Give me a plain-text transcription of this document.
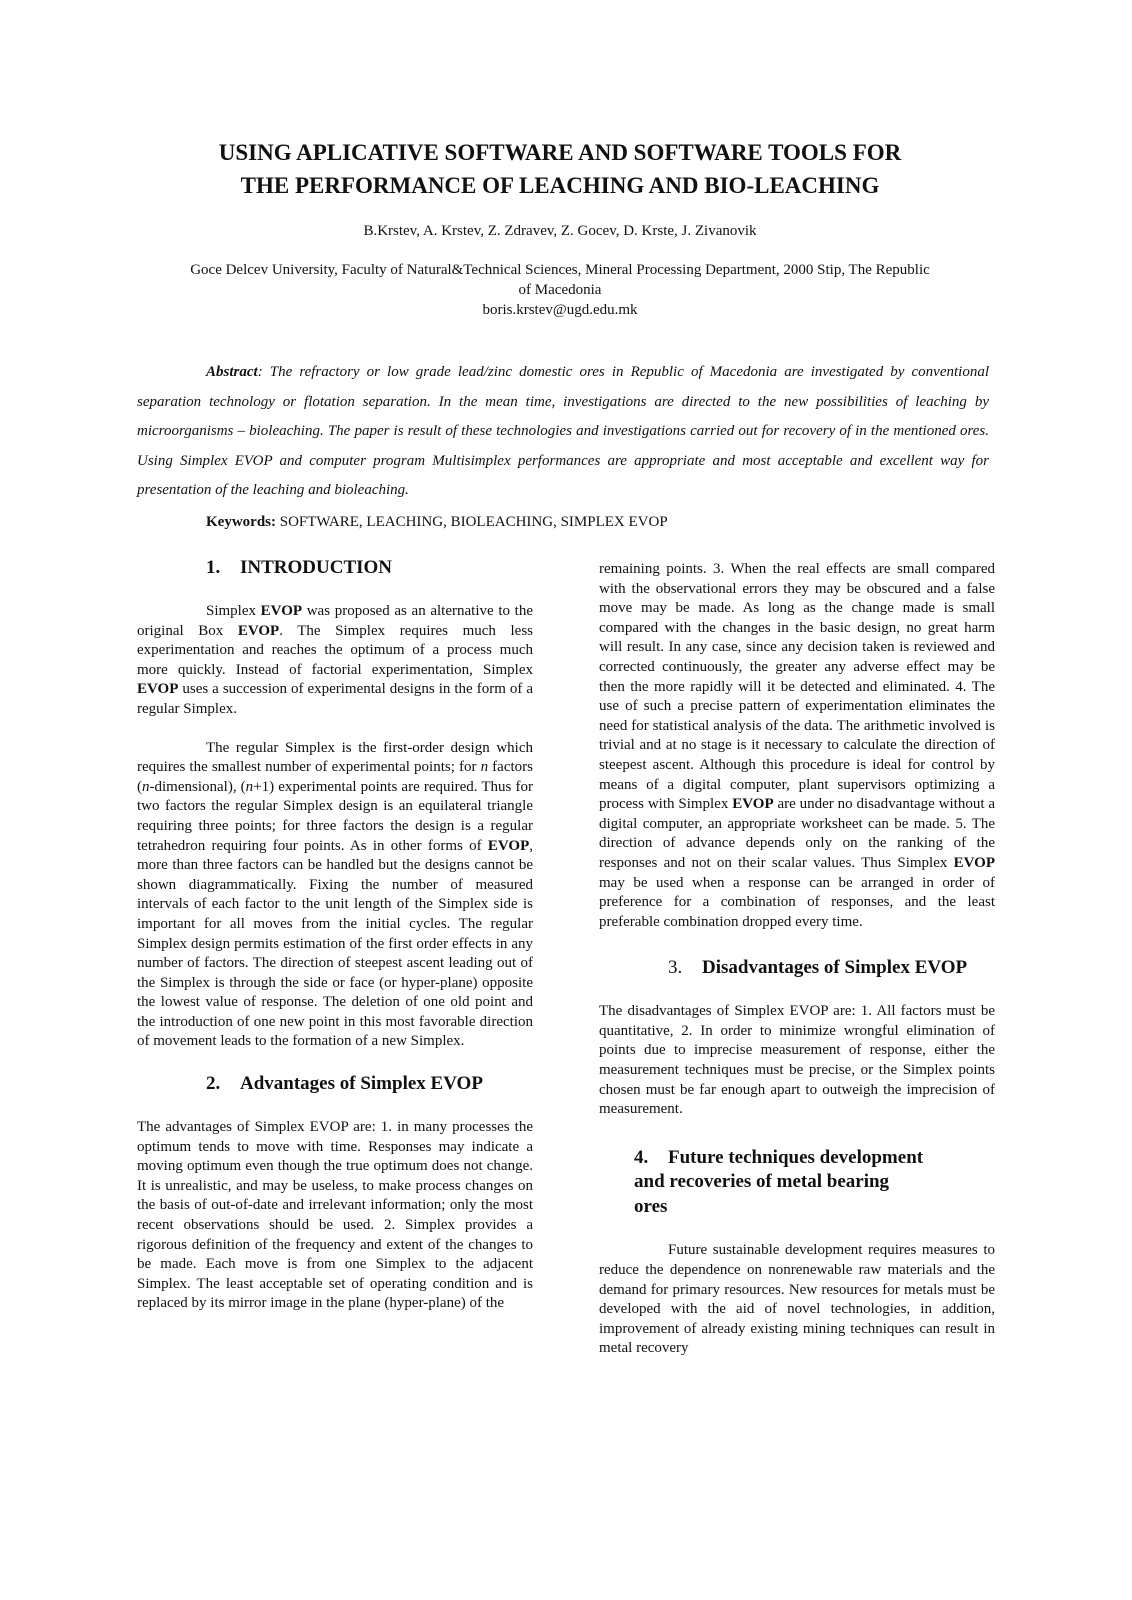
USING APLICATIVE SOFTWARE AND SOFTWARE TOOLS FOR
THE PERFORMANCE OF LEACHING AND BIO-LEACHING

B.Krstev, A. Krstev, Z. Zdravev, Z. Gocev, D. Krste, J. Zivanovik

Goce Delcev University, Faculty of Natural&Technical Sciences, Mineral Processing Department, 2000 Stip, The Republic
of Macedonia
boris.krstev@ugd.edu.mk

Abstract: The refractory or low grade lead/zinc domestic ores in Republic of Macedonia are investigated by conventional separation technology or flotation separation. In the mean time, investigations are directed to the new possibilities of leaching by microorganisms – bioleaching. The paper is result of these technologies and investigations carried out for recovery of in the mentioned ores. Using Simplex EVOP and computer program Multisimplex performances are appropriate and most acceptable and excellent way for presentation of the leaching and bioleaching.

Keywords: SOFTWARE, LEACHING, BIOLEACHING, SIMPLEX EVOP

1. INTRODUCTION

Simplex EVOP was proposed as an alternative to the original Box EVOP. The Simplex requires much less experimentation and reaches the optimum of a process much more quickly. Instead of factorial experimentation, Simplex EVOP uses a succession of experimental designs in the form of a regular Simplex.

The regular Simplex is the first-order design which requires the smallest number of experimental points; for n factors (n-dimensional), (n+1) experimental points are required. Thus for two factors the regular Simplex design is an equilateral triangle requiring three points; for three factors the design is a regular tetrahedron requiring four points. As in other forms of EVOP, more than three factors can be handled but the designs cannot be shown diagrammatically. Fixing the number of measured intervals of each factor to the unit length of the Simplex side is important for all moves from the initial cycles. The regular Simplex design permits estimation of the first order effects in any number of factors. The direction of steepest ascent leading out of the Simplex is through the side or face (or hyper-plane) opposite the lowest value of response. The deletion of one old point and the introduction of one new point in this most favorable direction of movement leads to the formation of a new Simplex.

2. Advantages of Simplex EVOP

The advantages of Simplex EVOP are: 1. in many processes the optimum tends to move with time. Responses may indicate a moving optimum even though the true optimum does not change. It is unrealistic, and may be useless, to make process changes on the basis of out-of-date and irrelevant information; only the most recent observations should be used. 2. Simplex provides a rigorous definition of the frequency and extent of the changes to be made. Each move is from one Simplex to the adjacent Simplex. The least acceptable set of operating condition and is replaced by its mirror image in the plane (hyper-plane) of the

remaining points. 3. When the real effects are small compared with the observational errors they may be obscured and a false move may be made. As long as the change made is small compared with the changes in the basic design, no great harm will result. In any case, since any decision taken is reviewed and corrected continuously, the greater any adverse effect may be then the more rapidly will it be detected and eliminated. 4. The use of such a precise pattern of experimentation eliminates the need for statistical analysis of the data. The arithmetic involved is trivial and at no stage is it necessary to calculate the direction of steepest ascent. Although this procedure is ideal for control by means of a digital computer, plant supervisors optimizing a process with Simplex EVOP are under no disadvantage without a digital computer, an appropriate worksheet can be made. 5. The direction of advance depends only on the ranking of the responses and not on their scalar values. Thus Simplex EVOP may be used when a response can be arranged in order of preference for a combination of responses, and the least preferable combination dropped every time.

3. Disadvantages of Simplex EVOP

The disadvantages of Simplex EVOP are: 1. All factors must be quantitative, 2. In order to minimize wrongful elimination of points due to imprecise measurement of response, either the measurement techniques must be precise, or the Simplex points chosen must be far enough apart to outweigh the imprecision of measurement.

4. Future techniques development
and recoveries of metal bearing
ores

Future sustainable development requires measures to reduce the dependence on nonrenewable raw materials and the demand for primary resources. New resources for metals must be developed with the aid of novel technologies, in addition, improvement of already existing mining techniques can result in metal recovery
